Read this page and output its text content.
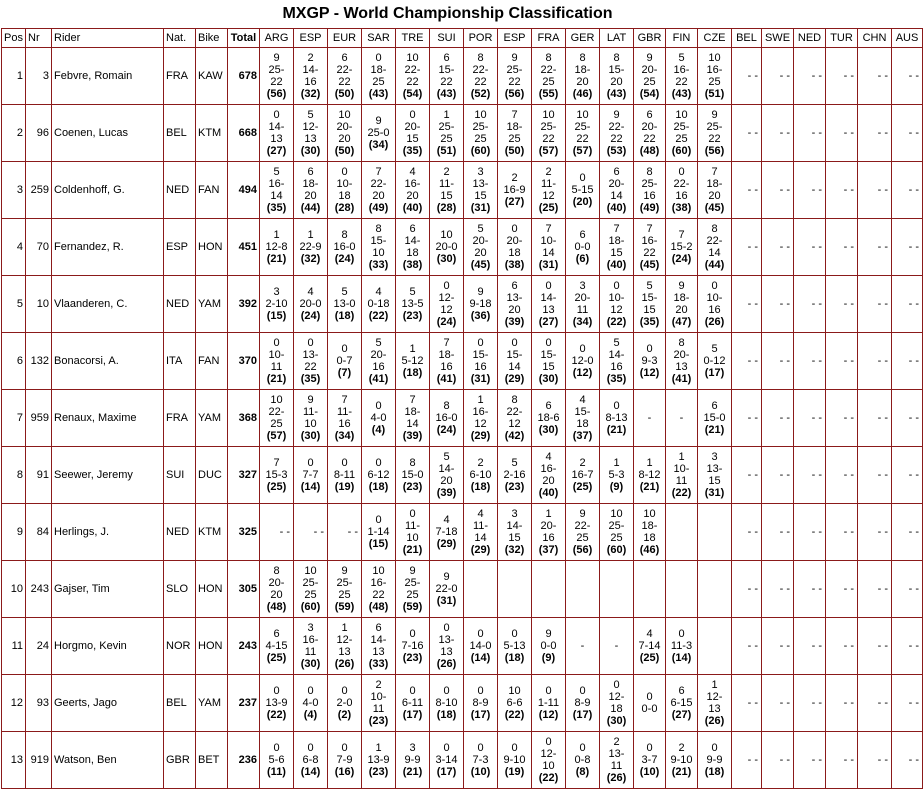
MXGP - World Championship Classification
Pos	Nr	Rider	Nat.	Bike	Total	ARG	ESP	EUR	SAR	TRE	SUI	POR	ESP	FRA	GER	LAT	GBR	FIN	CZE	BEL	SWE	NED	TUR	CHN	AUS
1	3	Febvre, Romain	FRA	KAW	678	9
25-
22
(56)	2
14-
16
(32)	6
22-
22
(50)	0
18-
25
(43)	10
22-
22
(54)	6
15-
22
(43)	8
22-
22
(52)	9
25-
22
(56)	8
22-
25
(55)	8
18-
20
(46)	8
15-
20
(43)	9
20-
25
(54)	5
16-
22
(43)	10
16-
25
(51)	- -	- -	- -	- -	- -	- -
2	96	Coenen, Lucas	BEL	KTM	668	0
14-
13
(27)	5
12-
13
(30)	10
20-
20
(50)	9
25-0
(34)	0
20-
15
(35)	1
25-
25
(51)	10
25-
25
(60)	7
18-
25
(50)	10
25-
22
(57)	10
25-
22
(57)	9
22-
22
(53)	6
20-
22
(48)	10
25-
25
(60)	9
25-
22
(56)	- -	- -	- -	- -	- -	- -
3	259	Coldenhoff, G.	NED	FAN	494	5
16-
14
(35)	6
18-
20
(44)	0
10-
18
(28)	7
22-
20
(49)	4
16-
20
(40)	2
11-
15
(28)	3
13-
15
(31)	2
16-9
(27)	2
11-
12
(25)	0
5-15
(20)	6
20-
14
(40)	8
25-
16
(49)	0
22-
16
(38)	7
18-
20
(45)	- -	- -	- -	- -	- -	- -
4	70	Fernandez, R.	ESP	HON	451	1
12-8
(21)	1
22-9
(32)	8
16-0
(24)	8
15-
10
(33)	6
14-
18
(38)	10
20-0
(30)	5
20-
20
(45)	0
20-
18
(38)	7
10-
14
(31)	6
0-0
(6)	7
18-
15
(40)	7
16-
22
(45)	7
15-2
(24)	8
22-
14
(44)	- -	- -	- -	- -	- -	- -
5	10	Vlaanderen, C.	NED	YAM	392	3
2-10
(15)	4
20-0
(24)	5
13-0
(18)	4
0-18
(22)	5
13-5
(23)	0
12-
12
(24)	9
9-18
(36)	6
13-
20
(39)	0
14-
13
(27)	3
20-
11
(34)	0
10-
12
(22)	5
15-
15
(35)	9
18-
20
(47)	0
10-
16
(26)	- -	- -	- -	- -	- -	- -
6	132	Bonacorsi, A.	ITA	FAN	370	0
10-
11
(21)	0
13-
22
(35)	0
0-7
(7)	5
20-
16
(41)	1
5-12
(18)	7
18-
16
(41)	0
15-
16
(31)	0
15-
14
(29)	0
15-
15
(30)	0
12-0
(12)	5
14-
16
(35)	0
9-3
(12)	8
20-
13
(41)	5
0-12
(17)	- -	- -	- -	- -	- -	- -
7	959	Renaux, Maxime	FRA	YAM	368	10
22-
25
(57)	9
11-
10
(30)	7
11-
16
(34)	0
4-0
(4)	7
18-
14
(39)	8
16-0
(24)	1
16-
12
(29)	8
22-
12
(42)	6
18-6
(30)	4
15-
18
(37)	0
8-13
(21)	-	-	6
15-0
(21)	- -	- -	- -	- -	- -	- -
8	91	Seewer, Jeremy	SUI	DUC	327	7
15-3
(25)	0
7-7
(14)	0
8-11
(19)	0
6-12
(18)	8
15-0
(23)	5
14-
20
(39)	2
6-10
(18)	5
2-16
(23)	4
16-
20
(40)	2
16-7
(25)	1
5-3
(9)	1
8-12
(21)	1
10-
11
(22)	3
13-
15
(31)	- -	- -	- -	- -	- -	- -
9	84	Herlings, J.	NED	KTM	325	- -	- -	- -	0
1-14
(15)	0
11-
10
(21)	4
7-18
(29)	4
11-
14
(29)	3
14-
15
(32)	1
20-
16
(37)	9
22-
25
(56)	10
25-
25
(60)	10
18-
18
(46)			- -	- -	- -	- -	- -	- -
10	243	Gajser, Tim	SLO	HON	305	8
20-
20
(48)	10
25-
25
(60)	9
25-
25
(59)	10
16-
22
(48)	9
25-
25
(59)	9
22-0
(31)									- -	- -	- -	- -	- -	- -
11	24	Horgmo, Kevin	NOR	HON	243	6
4-15
(25)	3
16-
11
(30)	1
12-
13
(26)	6
14-
13
(33)	0
7-16
(23)	0
13-
13
(26)	0
14-0
(14)	0
5-13
(18)	9
0-0
(9)	-	-	4
7-14
(25)	0
11-3
(14)		- -	- -	- -	- -	- -	- -
12	93	Geerts, Jago	BEL	YAM	237	0
13-9
(22)	0
4-0
(4)	0
2-0
(2)	2
10-
11
(23)	0
6-11
(17)	0
8-10
(18)	0
8-9
(17)	10
6-6
(22)	0
1-11
(12)	0
8-9
(17)	0
12-
18
(30)	0
0-0	6
6-15
(27)	1
12-
13
(26)	- -	- -	- -	- -	- -	- -
13	919	Watson, Ben	GBR	BET	236	0
5-6
(11)	0
6-8
(14)	0
7-9
(16)	1
13-9
(23)	3
9-9
(21)	0
3-14
(17)	0
7-3
(10)	0
9-10
(19)	0
12-
10
(22)	0
0-8
(8)	2
13-
11
(26)	0
3-7
(10)	2
9-10
(21)	0
9-9
(18)	- -	- -	- -	- -	- -	- -
